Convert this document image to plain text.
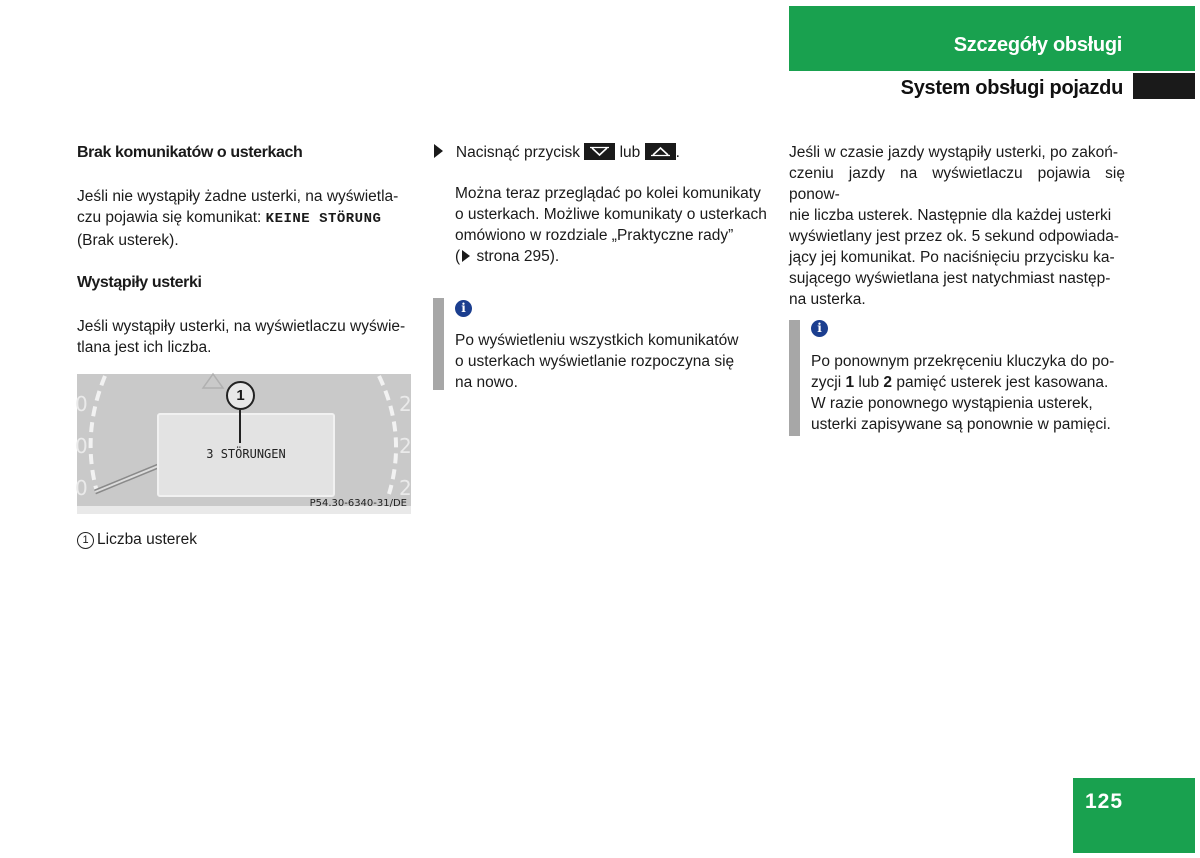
Szczegóły obsługi
System obsługi pojazdu

Brak komunikatów o usterkach

Jeśli nie wystąpiły żadne usterki, na wyświetla-
czu pojawia się komunikat: KEINE STÖRUNG
(Brak usterek).

Wystąpiły usterki

Jeśli wystąpiły usterki, na wyświetlaczu wyświe-
tlana jest ich liczba.

0
0
0
2
2
2
3 STÖRUNGEN
1
P54.30-6340-31/DE
1 Liczba usterek

Nacisnąć przycisk	lub .

Można teraz przeglądać po kolei komunikaty
o usterkach. Możliwe komunikaty o usterkach
omówiono w rozdziale „Praktyczne rady”
( strona 295).

i
Po wyświetleniu wszystkich komunikatów
o usterkach wyświetlanie rozpoczyna się
na nowo.
Jeśli w czasie jazdy wystąpiły usterki, po zakoń-
czeniu jazdy na wyświetlaczu pojawia się ponow-
nie liczba usterek. Następnie dla każdej usterki
wyświetlany jest przez ok. 5 sekund odpowiada-
jący jej komunikat. Po naciśnięciu przycisku ka-
sującego wyświetlana jest natychmiast następ-
na usterka.
i
Po ponownym przekręceniu kluczyka do po-
zycji 1 lub 2 pamięć usterek jest kasowana.
W razie ponownego wystąpienia usterek,
usterki zapisywane są ponownie w pamięci.
125
